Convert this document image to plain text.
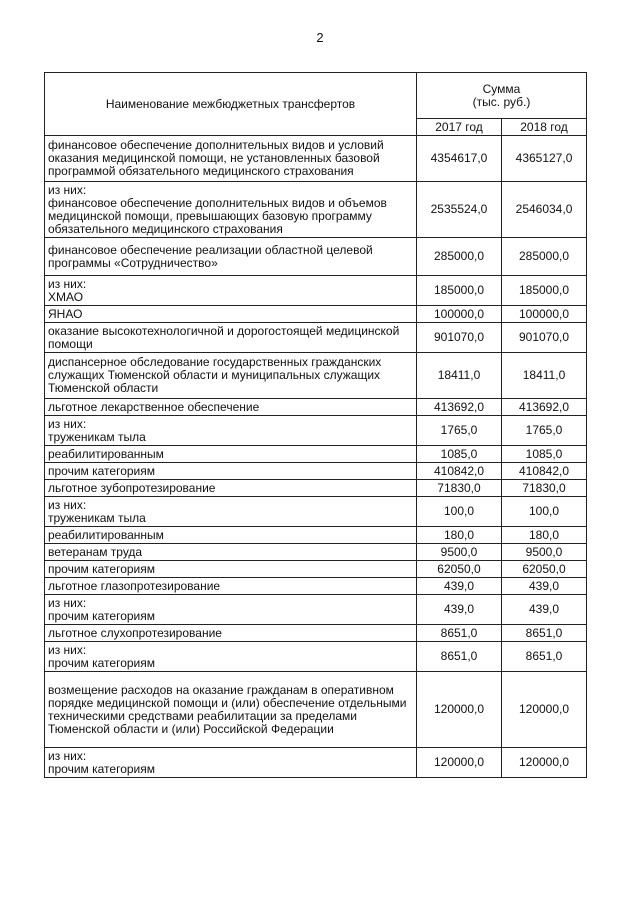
2
Наименование межбюджетных трансфертов	Сумма
(тыс. руб.)	

	2017 год	2018 год
финансовое обеспечение дополнительных видов и условий оказания медицинской помощи, не установленных базовой программой обязательного медицинского страхования	4354617,0	4365127,0
из них:
финансовое обеспечение дополнительных видов и объемов медицинской помощи, превышающих базовую программу обязательного медицинского страхования	2535524,0	2546034,0
финансовое обеспечение реализации областной целевой программы «Сотрудничество»	285000,0	285000,0
из них:
ХМАО	185000,0	185000,0
ЯНАО	100000,0	100000,0
оказание высокотехнологичной и дорогостоящей медицинской помощи	901070,0	901070,0
диспансерное обследование государственных гражданских служащих Тюменской области и муниципальных служащих Тюменской области	18411,0	18411,0
льготное лекарственное обеспечение	413692,0	413692,0
из них:
труженикам тыла	1765,0	1765,0
реабилитированным	1085,0	1085,0
прочим категориям	410842,0	410842,0
льготное зубопротезирование	71830,0	71830,0
из них:
труженикам тыла	100,0	100,0
реабилитированным	180,0	180,0
ветеранам труда	9500,0	9500,0
прочим категориям	62050,0	62050,0
льготное глазопротезирование	439,0	439,0
из них:
прочим категориям	439,0	439,0
льготное слухопротезирование	8651,0	8651,0
из них:
прочим категориям	8651,0	8651,0
возмещение расходов на оказание гражданам в оперативном порядке медицинской помощи и (или) обеспечение отдельными техническими средствами реабилитации за пределами Тюменской области и (или) Российской Федерации	120000,0	120000,0
из них:
прочим категориям	120000,0	120000,0
